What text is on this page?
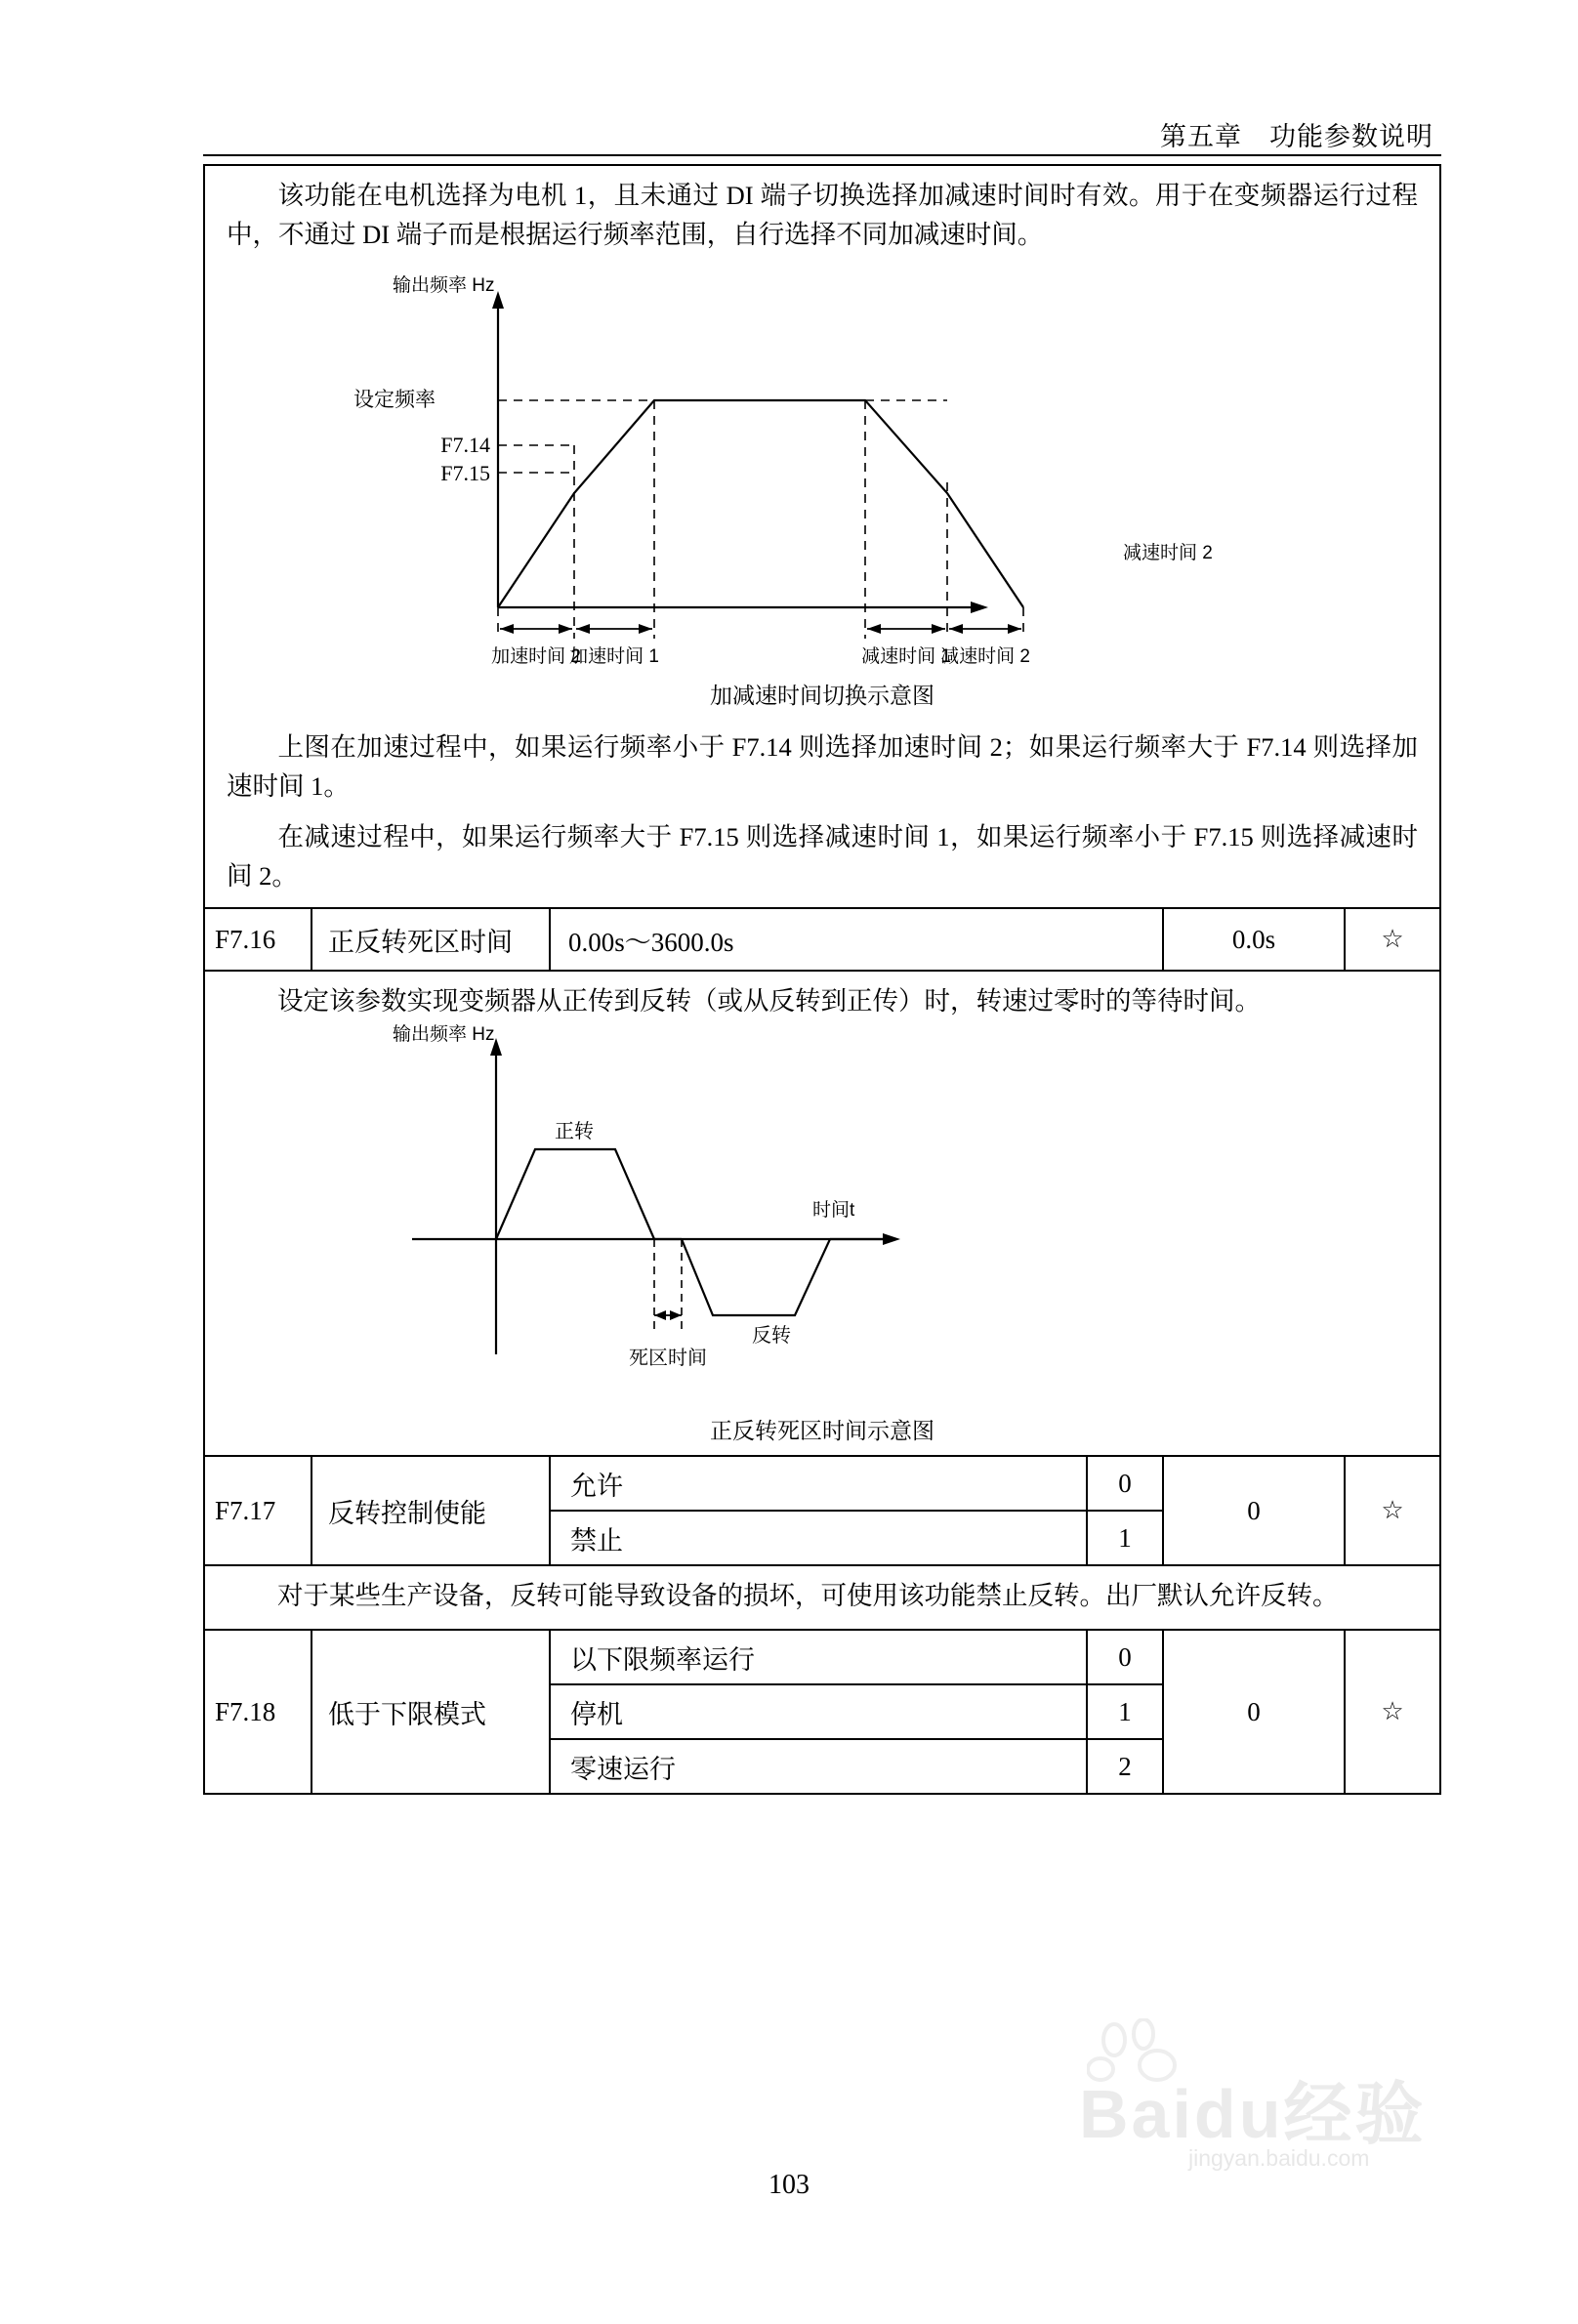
第五章　功能参数说明
该功能在电机选择为电机 1，且未通过 DI 端子切换选择加减速时间时有效。用于在变频器运行过程中，不通过 DI 端子而是根据运行频率范围，自行选择不同加减速时间。
输出频率 Hz
设定频率
F7.14
F7.15
加速时间 2
加速时间 1	减速时间 1
减速时间 2
减速时间 2
加减速时间切换示意图
上图在加速过程中，如果运行频率小于 F7.14 则选择加速时间 2；如果运行频率大于 F7.14 则选择加速时间 1。
在减速过程中，如果运行频率大于 F7.15 则选择减速时间 1，如果运行频率小于 F7.15 则选择减速时间 2。
F7.16	正反转死区时间	0.00s～3600.0s	0.0s	☆
设定该参数实现变频器从正传到反转（或从反转到正传）时，转速过零时的等待时间。
输出频率 Hz
时间t
正转
反转
死区时间
正反转死区时间示意图
F7.17	反转控制使能
允许	0
禁止	1
0	☆
对于某些生产设备，反转可能导致设备的损坏，可使用该功能禁止反转。出厂默认允许反转。
F7.18	低于下限模式
以下限频率运行	0
停机	1
零速运行	2
0	☆
Baidu经验
jingyan.baidu.com
103
